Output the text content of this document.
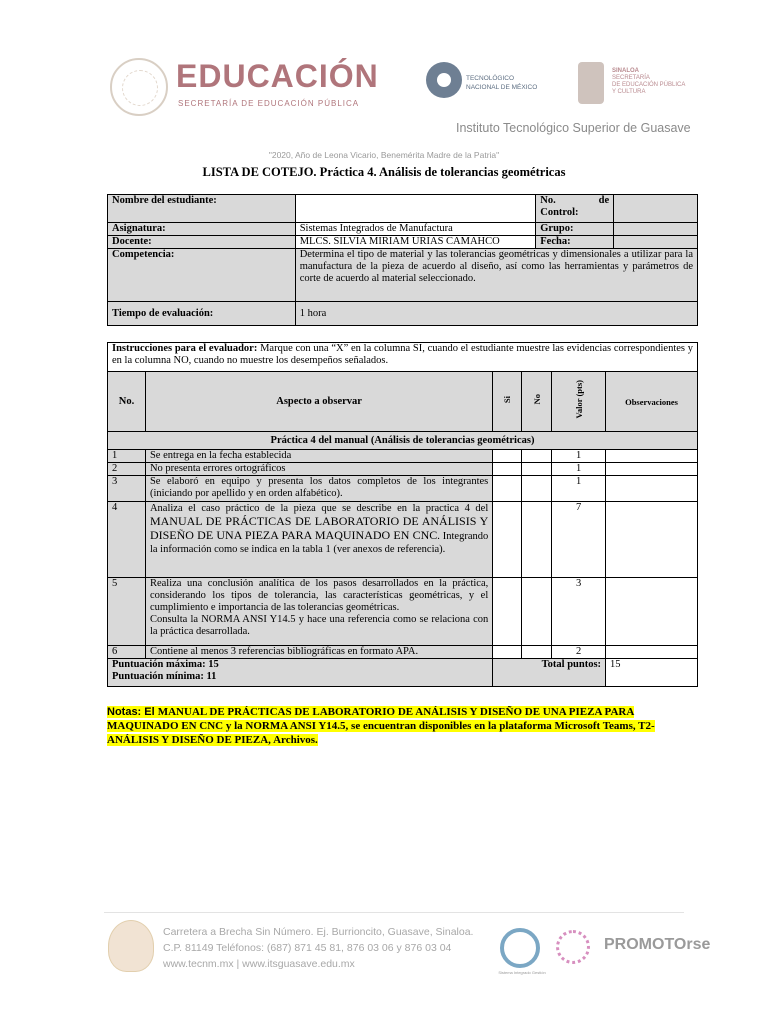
EDUCACIÓN
SECRETARÍA DE EDUCACIÓN PÚBLICA
TECNOLÓGICO
NACIONAL DE MÉXICO
SINALOA
SECRETARÍA
DE EDUCACIÓN PÚBLICA
Y CULTURA
Instituto Tecnológico Superior de Guasave
"2020, Año de Leona Vicario, Benemérita Madre de la Patria"
LISTA DE COTEJO. Práctica 4. Análisis de tolerancias geométricas
Nombre del estudiante:		No. de Control:	
Asignatura:	Sistemas Integrados de Manufactura	Grupo:	
Docente:	MLCS. SILVIA MIRIAM URIAS CAMAHCO	Fecha:	
Competencia:	Determina el tipo de material y las tolerancias geométricas y dimensionales a utilizar para la manufactura de la pieza de acuerdo al diseño, así como las herramientas y parámetros de corte de acuerdo al material seleccionado.		
Tiempo de evaluación:	1 hora		
Instrucciones para el evaluador: Marque con una “X” en la columna SI, cuando el estudiante muestre las evidencias correspondientes y en la columna NO, cuando no muestre los desempeños señalados.					
No.	Aspecto a observar	Si	No	Valor (pts)	Observaciones
Práctica 4 del manual (Análisis de tolerancias geométricas)					
1	Se entrega en la fecha establecida			1	
2	No presenta errores ortográficos			1	
3	Se elaboró en equipo y presenta los datos completos de los integrantes (iniciando por apellido y en orden alfabético).			1	
4	Analiza el caso práctico de la pieza que se describe en la practica 4 del MANUAL DE PRÁCTICAS DE LABORATORIO DE ANÁLISIS Y DISEÑO DE UNA PIEZA PARA MAQUINADO EN CNC. Integrando la información como se indica en la tabla 1 (ver anexos de referencia).			7	
5	Realiza una conclusión analítica de los pasos desarrollados en la práctica, considerando los tipos de tolerancia, las características geométricas, y el cumplimiento e importancia de las tolerancias geométricas.
Consulta la NORMA ANSI Y14.5 y hace una referencia como se relaciona con la práctica desarrollada.			3	
6	Contiene al menos 3 referencias bibliográficas en formato APA.			2	

Puntuación máxima: 15
Puntuación mínima: 11		Total puntos:			15
Notas: El MANUAL DE PRÁCTICAS DE LABORATORIO DE ANÁLISIS Y DISEÑO DE UNA PIEZA PARA MAQUINADO EN CNC y la NORMA ANSI Y14.5, se encuentran disponibles en la plataforma Microsoft Teams, T2-ANÁLISIS Y DISEÑO DE PIEZA, Archivos.
Carretera a Brecha Sin Número. Ej. Burrioncito, Guasave, Sinaloa.
C.P. 81149 Teléfonos: (687) 871 45 81, 876 03 06 y 876 03 04
www.tecnm.mx | www.itsguasave.edu.mx
Sistema Integrado Gestión
PROMOTOrse
